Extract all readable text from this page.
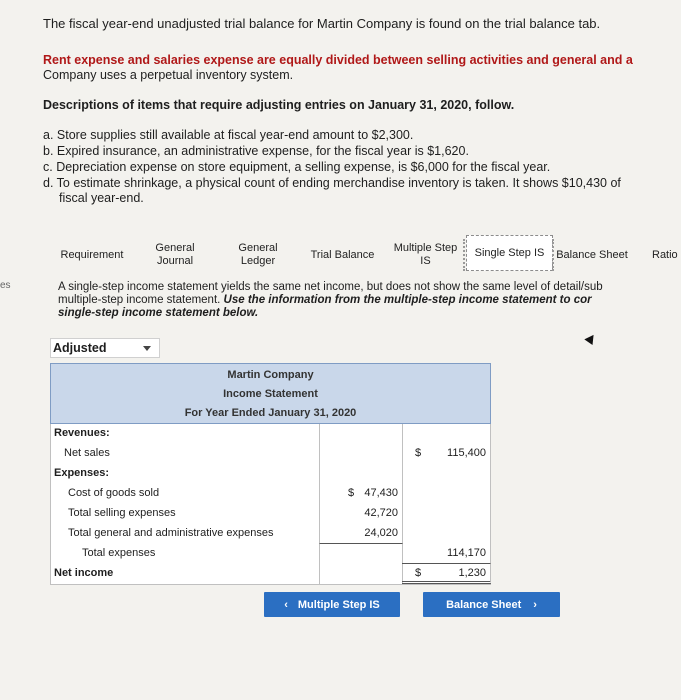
The fiscal year-end unadjusted trial balance for Martin Company is found on the trial balance tab.
Rent expense and salaries expense are equally divided between selling activities and general and a
Company uses a perpetual inventory system.
Descriptions of items that require adjusting entries on January 31, 2020, follow.
a. Store supplies still available at fiscal year-end amount to $2,300.
b. Expired insurance, an administrative expense, for the fiscal year is $1,620.
c. Depreciation expense on store equipment, a selling expense, is $6,000 for the fiscal year.
d. To estimate shrinkage, a physical count of ending merchandise inventory is taken. It shows $10,430 of
fiscal year-end.
es
Requirement
General
Journal
General
Ledger
Trial Balance
Multiple Step
IS
Single Step IS Balance Sheet Ratio
A single-step income statement yields the same net income, but does not show the same level of detail/sub
multiple-step income statement. Use the information from the multiple-step income statement to cor
single-step income statement below.
Adjusted
Martin Company
Income Statement
For Year Ended January 31, 2020
Revenues:
$ 115,400
Net sales
Expenses:
$ 47,430
Cost of goods sold
42,720
Total selling expenses
24,020
Total general and administrative expenses
114,170
Total expenses
$	1,230
Net income
‹ Multiple Step IS	Balance Sheet ›
